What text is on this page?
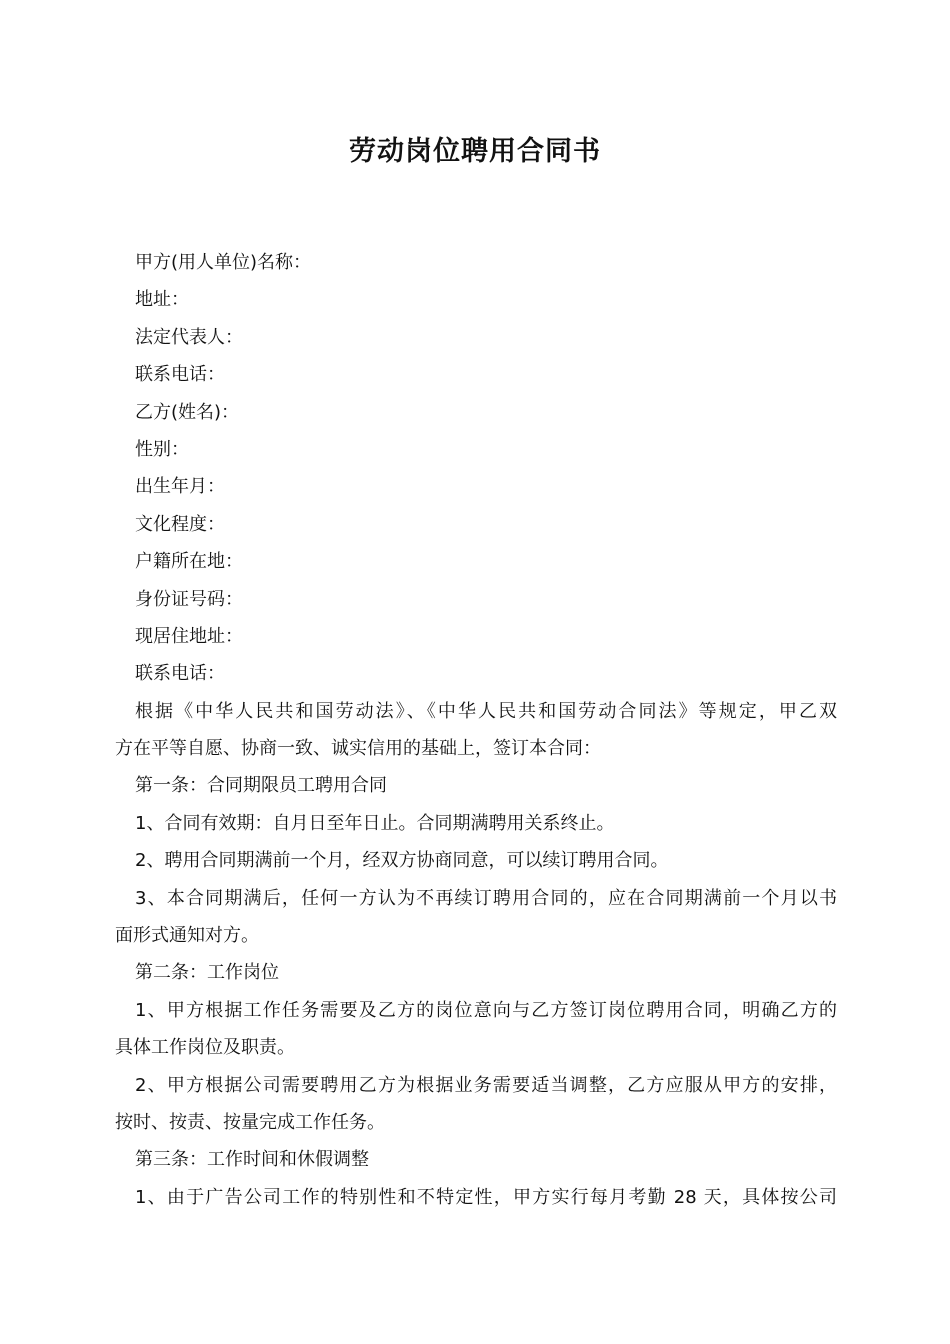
劳动岗位聘用合同书

甲方(用人单位)名称：

地址：

法定代表人：

联系电话：

乙方(姓名)：

性别：

出生年月：

文化程度：

户籍所在地：

身份证号码：

现居住地址：

联系电话：

根据《中华人民共和国劳动法》、《中华人民共和国劳动合同法》等规定，甲乙双

方在平等自愿、协商一致、诚实信用的基础上，签订本合同：

第一条：合同期限员工聘用合同

1、合同有效期：自月日至年日止。合同期满聘用关系终止。

2、聘用合同期满前一个月，经双方协商同意，可以续订聘用合同。

3、本合同期满后，任何一方认为不再续订聘用合同的，应在合同期满前一个月以书

面形式通知对方。

第二条：工作岗位

1、甲方根据工作任务需要及乙方的岗位意向与乙方签订岗位聘用合同，明确乙方的

具体工作岗位及职责。

2、甲方根据公司需要聘用乙方为根据业务需要适当调整，乙方应服从甲方的安排，

按时、按责、按量完成工作任务。

第三条：工作时间和休假调整

1、由于广告公司工作的特别性和不特定性，甲方实行每月考勤 28 天，具体按公司
